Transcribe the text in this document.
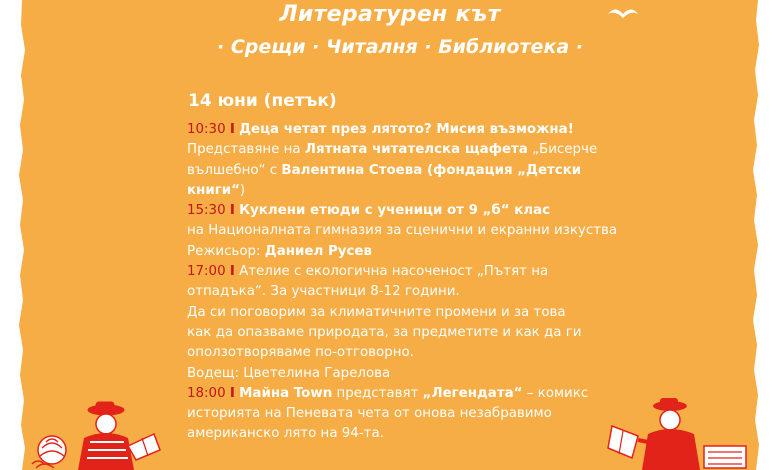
Литературен кът
· Срещи · Читалня · Библиотека ·
14 юни (петък)
10:30 I Деца четат през лятото? Мисия възможна!
Представяне на Лятната читателска щафета „Бисерче
вълшебно“ с Валентина Стоева (фондация „Детски
книги“)
15:30 I Куклени етюди с ученици от 9 „б“ клас
на Националната гимназия за сценични и екранни изкуства
Режисьор: Даниел Русев
17:00 I Ателие с екологична насоченост „Пътят на
отпадъка“. За участници 8-12 години.
Да си поговорим за климатичните промени и за това
как да опазваме природата, за предметите и как да ги
оползотворяваме по-отговорно.
Водещ: Цветелина Гарелова
18:00 I Майна Town представят „Легендата“ – комикс
историята на Пеневата чета от онова незабравимо
американско лято на 94-та.
